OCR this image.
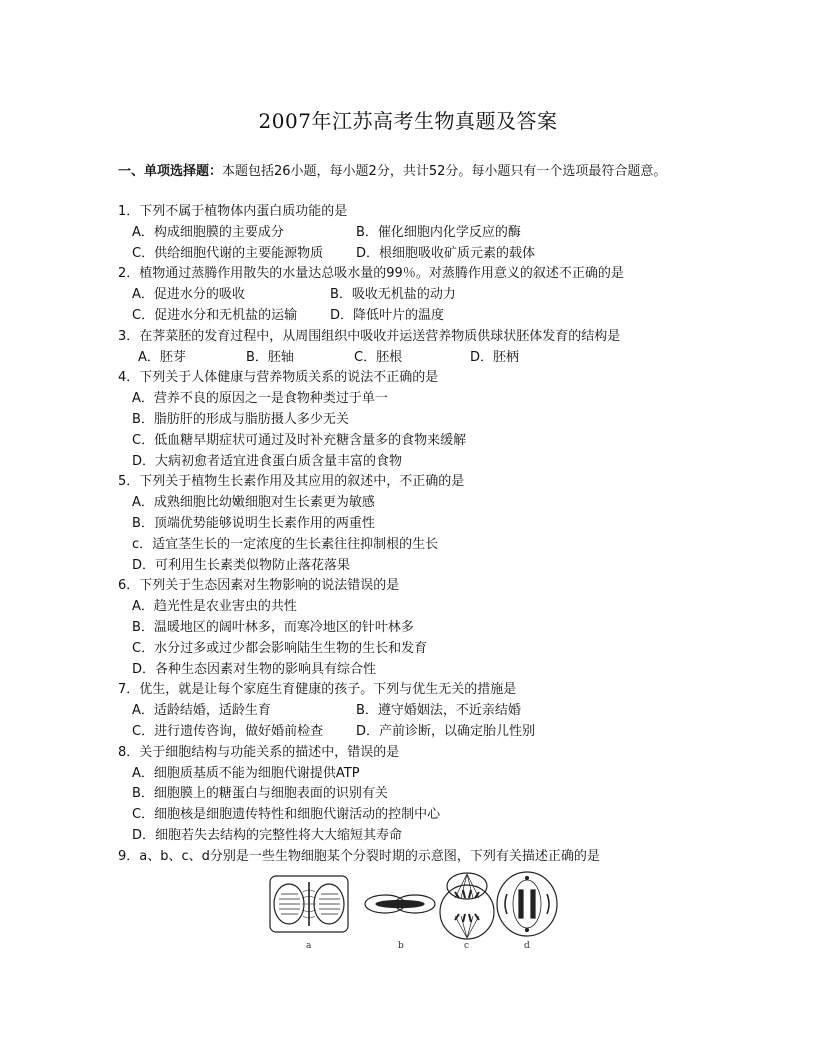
2007年江苏高考生物真题及答案
一、单项选择题：本题包括26小题，每小题2分，共计52分。每小题只有一个选项最符合题意。
1．下列不属于植物体内蛋白质功能的是
A．构成细胞膜的主要成分	B．催化细胞内化学反应的酶
C．供给细胞代谢的主要能源物质	D．根细胞吸收矿质元素的载体
2．植物通过蒸腾作用散失的水量达总吸水量的99％。对蒸腾作用意义的叙述不正确的是
A．促进水分的吸收	B．吸收无机盐的动力
C．促进水分和无机盐的运输	D．降低叶片的温度
3．在荠菜胚的发育过程中，从周围组织中吸收并运送营养物质供球状胚体发育的结构是
A．胚芽	B．胚轴	C．胚根	D．胚柄
4．下列关于人体健康与营养物质关系的说法不正确的是
A．营养不良的原因之一是食物种类过于单一
B．脂肪肝的形成与脂肪摄人多少无关
C．低血糖早期症状可通过及时补充糖含量多的食物来缓解
D．大病初愈者适宜进食蛋白质含量丰富的食物
5．下列关于植物生长素作用及其应用的叙述中，不正确的是
A．成熟细胞比幼嫩细胞对生长素更为敏感
B．顶端优势能够说明生长素作用的两重性
c．适宜茎生长的一定浓度的生长素往往抑制根的生长
D．可利用生长素类似物防止落花落果
6．下列关于生态因素对生物影响的说法错误的是
A．趋光性是农业害虫的共性
B．温暖地区的阔叶林多，而寒冷地区的针叶林多
C．水分过多或过少都会影响陆生生物的生长和发育
D．各种生态因素对生物的影响具有综合性
7．优生，就是让每个家庭生育健康的孩子。下列与优生无关的措施是
A．适龄结婚，适龄生育	B．遵守婚姻法，不近亲结婚
C．进行遗传咨询，做好婚前检查	D．产前诊断，以确定胎儿性别
8．关于细胞结构与功能关系的描述中，错误的是
A．细胞质基质不能为细胞代谢提供ATP
B．细胞膜上的糖蛋白与细胞表面的识别有关
C．细胞核是细胞遗传特性和细胞代谢活动的控制中心
D．细胞若失去结构的完整性将大大缩短其寿命
9．a、b、c、d分别是一些生物细胞某个分裂时期的示意图，下列有关描述正确的是
a	b	c	d
